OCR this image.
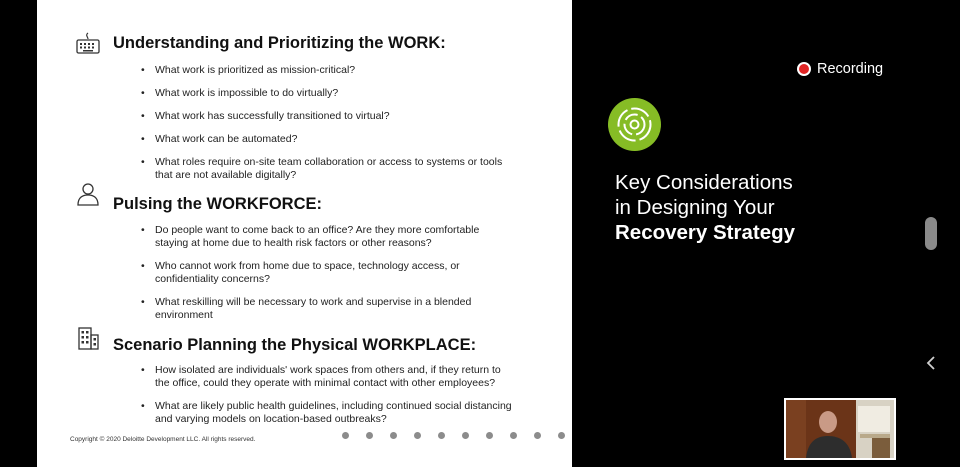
Understanding and Prioritizing the WORK:
• What work is prioritized as mission-critical?
• What work is impossible to do virtually?
• What work has successfully transitioned to virtual?
• What work can be automated?
• What roles require on-site team collaboration or access to systems or tools that are not available digitally?
Pulsing the WORKFORCE:
• Do people want to come back to an office? Are they more comfortable staying at home due to health risk factors or other reasons?
• Who cannot work from home due to space, technology access, or confidentiality concerns?
• What reskilling will be necessary to work and supervise in a blended environment
Scenario Planning the Physical WORKPLACE:
• How isolated are individuals' work spaces from others and, if they return to the office, could they operate with minimal contact with other employees?
• What are likely public health guidelines, including continued social distancing and varying models on location-based outbreaks?
Copyright © 2020 Deloitte Development LLC. All rights reserved.
Recording
Key Considerations
in Designing Your
Recovery Strategy
